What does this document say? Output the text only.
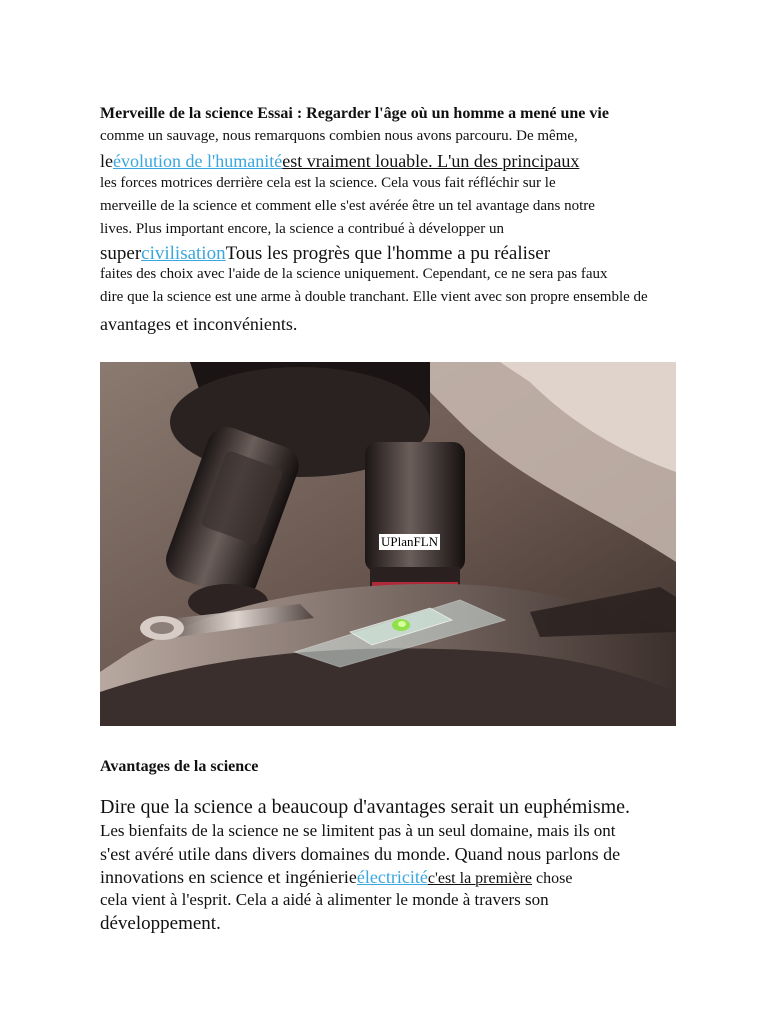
Merveille de la science Essai : Regarder l'âge où un homme a mené une vie
comme un sauvage, nous remarquons combien nous avons parcouru. De même,
leévolution de l'humanitéest vraiment louable. L'un des principaux
les forces motrices derrière cela est la science. Cela vous fait réfléchir sur le
merveille de la science et comment elle s'est avérée être un tel avantage dans notre
lives. Plus important encore, la science a contribué à développer un
supercivilisationTous les progrès que l'homme a pu réaliser
faites des choix avec l'aide de la science uniquement. Cependant, ce ne sera pas faux
dire que la science est une arme à double tranchant. Elle vient avec son propre ensemble de
avantages et inconvénients.
UPlanFLN
Avantages de la science
Dire que la science a beaucoup d'avantages serait un euphémisme.
Les bienfaits de la science ne se limitent pas à un seul domaine, mais ils ont
s'est avéré utile dans divers domaines du monde. Quand nous parlons de
innovations en science et ingénierieélectricitéc'est la première chose
cela vient à l'esprit. Cela a aidé à alimenter le monde à travers son
développement.
